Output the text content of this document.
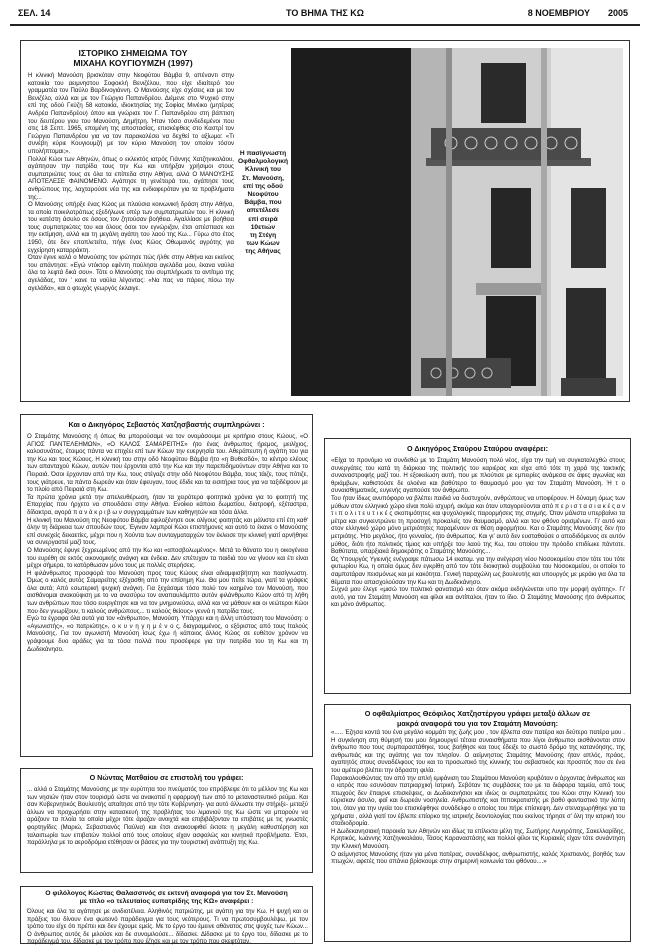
ΣΕΛ. 14	ΤΟ ΒΗΜΑ ΤΗΣ ΚΩ	8 ΝΟΕΜΒΡΙΟΥ 2005
ΙΣΤΟΡΙΚΟ ΣΗΜΕΙΩΜΑ ΤΟΥ
ΜΙΧΑΗΛ ΚΟΥΓΙΟΥΜΖΗ (1997)
Η κλινική Μανούση βρισκόταν στην Νεοφύτου Βάμβα 9, απέναντι στην κατοικία του αειμνηστου Σοφοκλή Βενιζέλου, που είχε ιδιαίτερό του γραμματέα τον Παύλο Βαρδινογιάννη. Ο Μανούσης είχε σχέσεις και με τον Βενιζέλο, αλλά και με τον Γεώργιο Παπανδρέου. Διέμενε στο Ψυχικό στην επί της οδού Γκύζη 58 κατοικία, ιδιοκτησίας της Σοφίας Μινέικο (μητέρας Ανδρέα Παπανδρέου) όπου και γνώρισε τον Γ. Παπανδρέου στη βάπτιση του δευτέρου γιου του Μανούση, Δημήτρη. Ήταν τόσο συνδεδεμένοι που στις 18 Σεπτ. 1965, επομένη της αποστασίας, επισκέφθεις στο Καστρί τον Γεώργιο Παπανδρέου για να τον παρακαλέσει να δεχθεί το αξίωμα: «Τι συνέβη κύριε Κουγιουμζή με τον κύριο Μανούση τον οποίον τόσον υπολήπτομαι;».
Πολλοί Κώοι των Αθηνών, όπως ο εκλεκτός ιατρός Γιάννης Χατζηνικολάου, αγάπησαν την πατρίδα τους την Κω και υπήρξαν χρήσιμοι στους συμπατριώτες τους σε όλα τα επίπεδα στην Αθήνα, αλλά Ο ΜΑΝΟΥΣΗΣ ΑΠΟΤΕΛΕΣΕ ΦΑΙΝΟΜΕΝΟ. Αγάπησε τη γενέτειρά του, αγάπησε τους ανθρώπους της, λαχταρούσε νέα της και ενδιαφερόταν για τα προβλήματα της...
Ο Μανούσης υπήρξε ένας Κώος με πλούσια κοινωνική δράση στην Αθήνα, τα οποία ποικιλοτρόπως εξεδήλωνε υπέρ των συμπατριωτών του. Η κλινική του κατέστη άσυλο σε όσους τον ζητούσαν βοήθεια. Αγαλλίασε με βοήθεια τους συμπατριώτες του και όλους όσοι τον εγνώριζαν, έτσι απέσπασε και την εκτίμηση, αλλά και τη μεγάλη αγάπη του λαού της Κω... Γύρω στο έτος 1950, ότε δεν εποπλετείτο, πήγε ένας Κώος Οθωμανός αγρότης για εγχείρηση καταρράκτη.
Όταν έγινε καλά ο Μανούσης τον ιρώτησε πώς ήλθε στην Αθήνα και εκείνος του απάντησε: «Εγώ ντόκτορ εφέντη πούλησα αγελάδα μου, έκανα ναύλα όλα τα λεφτά δικά σου». Τότε ο Μανούσης του συμπλήρωσε το αντίτιμο της αγελάδας, τον ' κανε τα ναύλα λέγοντας: «Να πας να πάρεις πίσω την αγελάδα», και ο φτωχός γεωργός έκλαιγε.
Η πασίγνωστη
Οφθαλμολογική
Κλινική του
Στ. Μανούση,
επί της οδού
Νεοφύτου
Βάμβα, που
απετέλεσε
επί σειρά
10ετιών
τη Στέγη
των Κώων
της Αθήνας
Και ο Δικηγόρος Σεβαστός Χατζησβαστής συμπληρώνει :
Ο Σταμάτης Μανούσης ή όπως θα μπορούσαμε να τον ονομάσουμε με κριτήριο στους Κώους, «Ο ΑΓΙΟΣ ΠΑΝΤΕΛΕΗΜΩΝ», «Ο ΚΑΛΟΣ ΣΑΜΑΡΕΙΤΗΣ» ήτο ένας άνθρωπος ήρεμος, μειλίχιος, καλοσυνάτος, έτοιμος πάντα να επιχέει επί των Κώων την ευεργησία του. Αθεράπευτη ή αγάπη του για την Κω και τους Κώους. Η κλινική του στην οδό Νεοφύτου Βάμβα ήτο «η Βυθεσδά», το κέντρο ελέους των απανταχού Κώων, αυτών που έρχονται από την Κω και την παρεπιδημούντων στην Αθήνα και το Πειραιά. Όσοι έρχονταν από την Κω, τους στέγαζε στην οδό Νεοφύτου Βάμβα, τους τάιζε, τους πότιζε, τους γιάτρευε, τα πάντα δωρεάν και όταν έφευγαν, τους έδιδε και τα εισιτήρια τους για να ταξιδέψουν με το πλοίο από Πειραιά στη Κω.
Τα πρώτα χρόνια μετά την απελευθέρωση, ήταν τα χειρότερα φοιτητικά χρόνια για το φοιτητή της Επαρχίας που ήρχετο να σπουδάσει στην Αθήνα. Ενοίκιο κάποιο δωματίου, διατροφή, εξέταστρα, δίδακτρα, αγορά π α ν ά κ ρ ι β ω ν συγγραμμάτων των καθηγητών και τόσα άλλα.
Η κλινική του Μανούση της Νεοφύτου Βάμβα εφιλοξένησε ουκ ολίγους φοιτητάς και μάλιστα επί έτη καθ' όλην τη διάρκεια των σπουδών τους. Έγιναν λαμπροί Κώοι επιστήμονες και αυτό το έκανε ο Μανούσης επί συνεχείς δεκαετίες, μέχρι που η Χούντα των συνταγματαρχών τον έκλεισε την κλινική γιατί αρνήθηκε να συνεργαστεί μαζί τους.
Ο Μανούσης έφυγε ξεχρεωμένος από την Κω και «αποσβολωμένος». Μετά το θάνατο του η οικογένεια του ευρέθη σε εκτός οικονομικής ανάγκη και ένδεια. Δεν επέτυχαν τα παιδιά του να γίνουν και έτι είναι μέχρι σήμερα, το κατόρθωσαν μόνο τους με πολλές στερήσεις.
Η φιλάνθρωπος προσφορά του Μανούση προς τους Κώους είναι αδιαμφισβήτητη και πασίγνωστη. Όμως ο καλός αυτός Σαμαρείτης εξέχασθη από την επίσημη Κω. Θα μου πείτε τώρα, γιατί τα γράφεις όλα αυτά; Από εσωτερική ψυχική ανάγκη. Για ξεχάσαμε τόσο πολύ τον καημένο τον Μανούση, που αισθάνομαι ανακούφιση με το να ανασύρω τον αναπαυλάμπτο αυτόν φιλάνθρωπο Κώον από τη λήθη των ανθρώπων που τόσο ευεργέτησε και να τον μνημονεύσω, αλλά και να μάθουν και οι νεώτεροι Κώοι που δεν γνωρίζουν, τι καλούς ανθρώπους... τι καλούς θείους» γεννά η πατρίδα τους.
Εγώ τα έγραφα όλα αυτά για τον «άνθρωπο», Μανούση. Υπάρχει και η άλλη υπόσταση του Μανούση: ο «Αγωνιστής», «ο πατριώτης», ο κ υ ν η γ η μ έ ν ο ς, διαγραμμένος, ο εξόριστος από τους Ιταλούς Μανούσης. Για τον αγωνιστή Μανούση ίσως έχω ή κάποιος άλλος Κώος σε ευθέτον χρόνον να γράψουμε δυο αράδες για τα τόσα πολλά που προσέφερε για την πατρίδα του τη Κω και τη Δωδεκάνησο.
Ο Δικηγόρος Σταύρου Σταύρου αναφέρει:
«Είχα το προνόμιο να συνδεθώ με το Σταμάτη Μανούση πολύ νέος, είχα την τιμή να συγκαταλεχθώ στους συνεργάτες του κατά τη διάρκεια της πολιτικής του καριέρας και είχα από τότε τη χαρά της τακτικής συναναστροφής μαζί του. Η εξοικείωση αυτή, που με πλούτισε με εμπειρίες ανάμεσα σε άφες αγωνίας και θριάμβων, καθιστούσε δε ολοένα και βαθύτερο το θαυμασμό μου για τον Σταμάτη Μανούση. Ή τ ο συναισθηματικός, ευγενής αγαπούσε τον άνθρωπο.
Του ήταν ίδιως ανυπόφορο να βλέπει παιδιά να δυστυχούν, ανθρώπους να υποφέρουν. Η δύναμη όμως των μύθων στον ελληνικό χώρο είναι πολύ ισχυρή, ακόμα και όταν υπαγορεύονται από π ε ρ ι σ τ α σ ι α κ έ ς α ν τ ι π ο λ ι τ ε υ τ ι κ έ ς σκοπιμότητες και ψυχολογικές παρορμήσεις της στιγμής. Όταν μάλιστα υπερβαίνει τα μέτρα και συγκεντρώνει τη προσοχή προκαλείς τον θαυμασμό, αλλά και τον φθόνο ορισμένων. Γι' αυτό και στον ελληνικό χώρο μόνο μετριότητες παραμένουν σε θέση αφορμήτου. Και ο Σταμάτης Μανούσης δεν ήτο μετριότης. Ήτο μεγάλος, ήτο γενναίος, ήτο άνθρωπος. Και γι' αυτό δεν ευσταθούσε ο αποδιδόμενος σε αυτόν μύθος, διότι ήτο πολιτικός τίμιος και υπήρξε του λαού της Κω, του οποίου την πρόοδο επιδίωκε πάντοτε. Βαθύτατα, υπαρξιακά δημοκράτης ο Σταμάτης Μανούσης...
Ως Υπουργός Υγιεινής ενέγραψε πάτωσω 14 εκατομ. για την ανέγερση νέου Νοσοκομείου στον τότε του τότε φυτωρίου Κω, η οποία όμως δεν εγκρίθη από τον τότε διοικητικό συμβούλιο του Νοσοκομείου, οι οποίοι το σαμποτάραν πεισμόνως και με κακότητα. Γενική παραχώλη ως βουλευτής και υπουργός με μεράκι για όλα τα θέματα που απασχολούσαν την Κω και τη Δωδεκάνησο.
Συχνά μου έλεγε «μισώ τον πολιτικό φανατισμό και όταν ακόμα εκδηλώνεται υπο την μορφή αγάπης». Γι' αυτό, για τον Σταμάτη Μανούση και φίλοι και αντίπαλοι, ήταν το ίδιο. Ο Σταμάτης Μανούσης ήτο άνθρωπος και μόνο άνθρωπος.
Ο Νώντας Ματθαίου σε επιστολή του γράφει:
... αλλά ο Σταμάτης Μανούσης με την ευρύτητα του πνεύματός του επρόβλεψε ότι το μέλλον της Κω και των νησιών ήταν στον τουρισμό ώστε να ανακοπεί η εφαρμογή των από το μεταναστευτικό ρεύμα. Και σαν Κυβερνητικός Βουλευτής απαίτησε από την τότε Κυβέρνηση- για αυτό άλλωστε την στήριξε- μεταξύ άλλων να προχωρήσει στην κατασκευή της προβλήτας του λιμανιού της Κω ώστε να μπορούν να αράζουν τα πλοία τα οποία μέχρι τότε άραζαν ανοιχτά και επιβιβάζονταν τα επιβάτες με τις γνωστές φορτηγίδες (Μαριώ, Σεβαστιανός Παύλια) και έτσι ανακουφιθεί έκτοτε η μεγάλη καθυστέρηση και ταλαιπωρία των επιβατών πολλοί από τους οποίους είχαν ασφαλώς και κινητικά προβλήματα. Έτσι, παράλληλα με το αεροδρόμιο ετέθησαν οι βάσεις για την τουριστική ανάπτυξη της Κω.
Ο οφθαλμίατρος Θεόφιλος Χατζηστέργου γράφει μεταξύ άλλων σε
μακρά αναφορά του για τον Σταμάτη Μανούση:
«..... Έζησα κοντά του ένα μεγάλο κομμάτι της ζωής μου , τον έβλεπα σαν πατέρα και δεύτερο πατέρα μου . Η συγκίνηση στη θύμησή του μου δημιουργεί τέτοια συναισθήματα που λίγοι άνθρωποι αισθάνονται στον άνθρωπο που τους συμπαραστάθηκε, τους βοήθησε και τους έδειξε το σωστό δρόμο της κατανόησης, της ανθρωπιάς και της αγάπης για τον πλησίον. Ο αείμνηστος Σταμάτης Μανούσης ήταν απλός, πράος, αγαπητός στους συναδέλφους του και το προσωπικό της κλινικής του σεβαστικός και προσιτός που σε ένα του αμέτερο βλέπει την άδραστη φιλία.
Παρακολουθώντας τον από την απλή εμφάνιση του Σταμάτιου Μανούση κρυβόταν ο άρχοντας άνθρωπος και ο ιατρός που εσυνόσαν πατριαρχική Ιατρική. Σεβόταν τις συμβάσεις του με τα διάφορα ταμεία, από τους πτωχούς δεν έπαιρνε επισκέψεις, οι Δωδεκανήσιοι και ιδιώς οι συμπατριώτες του Κώοι στην Κλινική του εύρισκαν άσυλο, φαΐ και δωρεάν νοσηλεία. Ανθρωπιστής και Ιπποκρατιστής με βαθύ φανταστικό την λύπη του, όταν για την υγεία του επισκέφθηκε συνάδελφο ο οποίος του πήρε επίσκεψη. Δεν στεναχωρήθηκε για τα χρήματα , αλλά γιατί τον έβλεπε επίορκο της ιατρικής δεοντολογίας που εκείνος τήρησε σ' όλη την ιατρική του σταδιοδρομία.
Η Δωδεκανησιακή παροικία των Αθηνών και ιδίως τα επίλεκτα μέλη της, Σωτήρης Λυγηρόπης, Σακελλαρίδης, Κρητικός, Ιωάννης Χατζηνικολάου, Τάσος Καραναστάσης και πολλοί φίλοι τις Κυριακές είχαν τότε συνάντηση την Κλινική Μανούση.
Ο αείμνηστος Μανούσης ήταν για μένα πατέρας, συναδέλφος, ανθρωπιστής, καλός Χριστιανός, βοηθός των πτωχών, αφετές που σπάνια βρίσκουμε στην σημερινή κοινωνία του φθόνου....»
Ο φιλόλογος Κώστας Θαλασσινός σε εκτενή αναφορά για τον Στ. Μανούση
με τίτλο «ο τελευταίος ευπατρίδης της ΚΩ» αναφέρει :
Όλους και όλα τα αγάπησε με ανιδιοτέλεια. Αληθινός πατριώτης, με αγάπη για την Κω. Η ψυχή και οι πράξεις του δίνουν ένα φωτεινό παράδειγμα για τους νεότερους. Τι να πρωτοσυμβουλέψω, με τον τρόπο του είχε ότι πρέπει και δεν έχουμε εμείς. Με το έργο του έμεινε αθάνατος στις ψυχές των Κώων... Ο άνθρωπος αυτός δε μιλούσε και δε συνομιλούσε... δίδασκε. Δίδασκε με το έργο του, δίδασκε με το παράδειγμά του, δίδασκε με τον τρόπο που έζησε και με τον τρόπο που σκεφτόταν.
